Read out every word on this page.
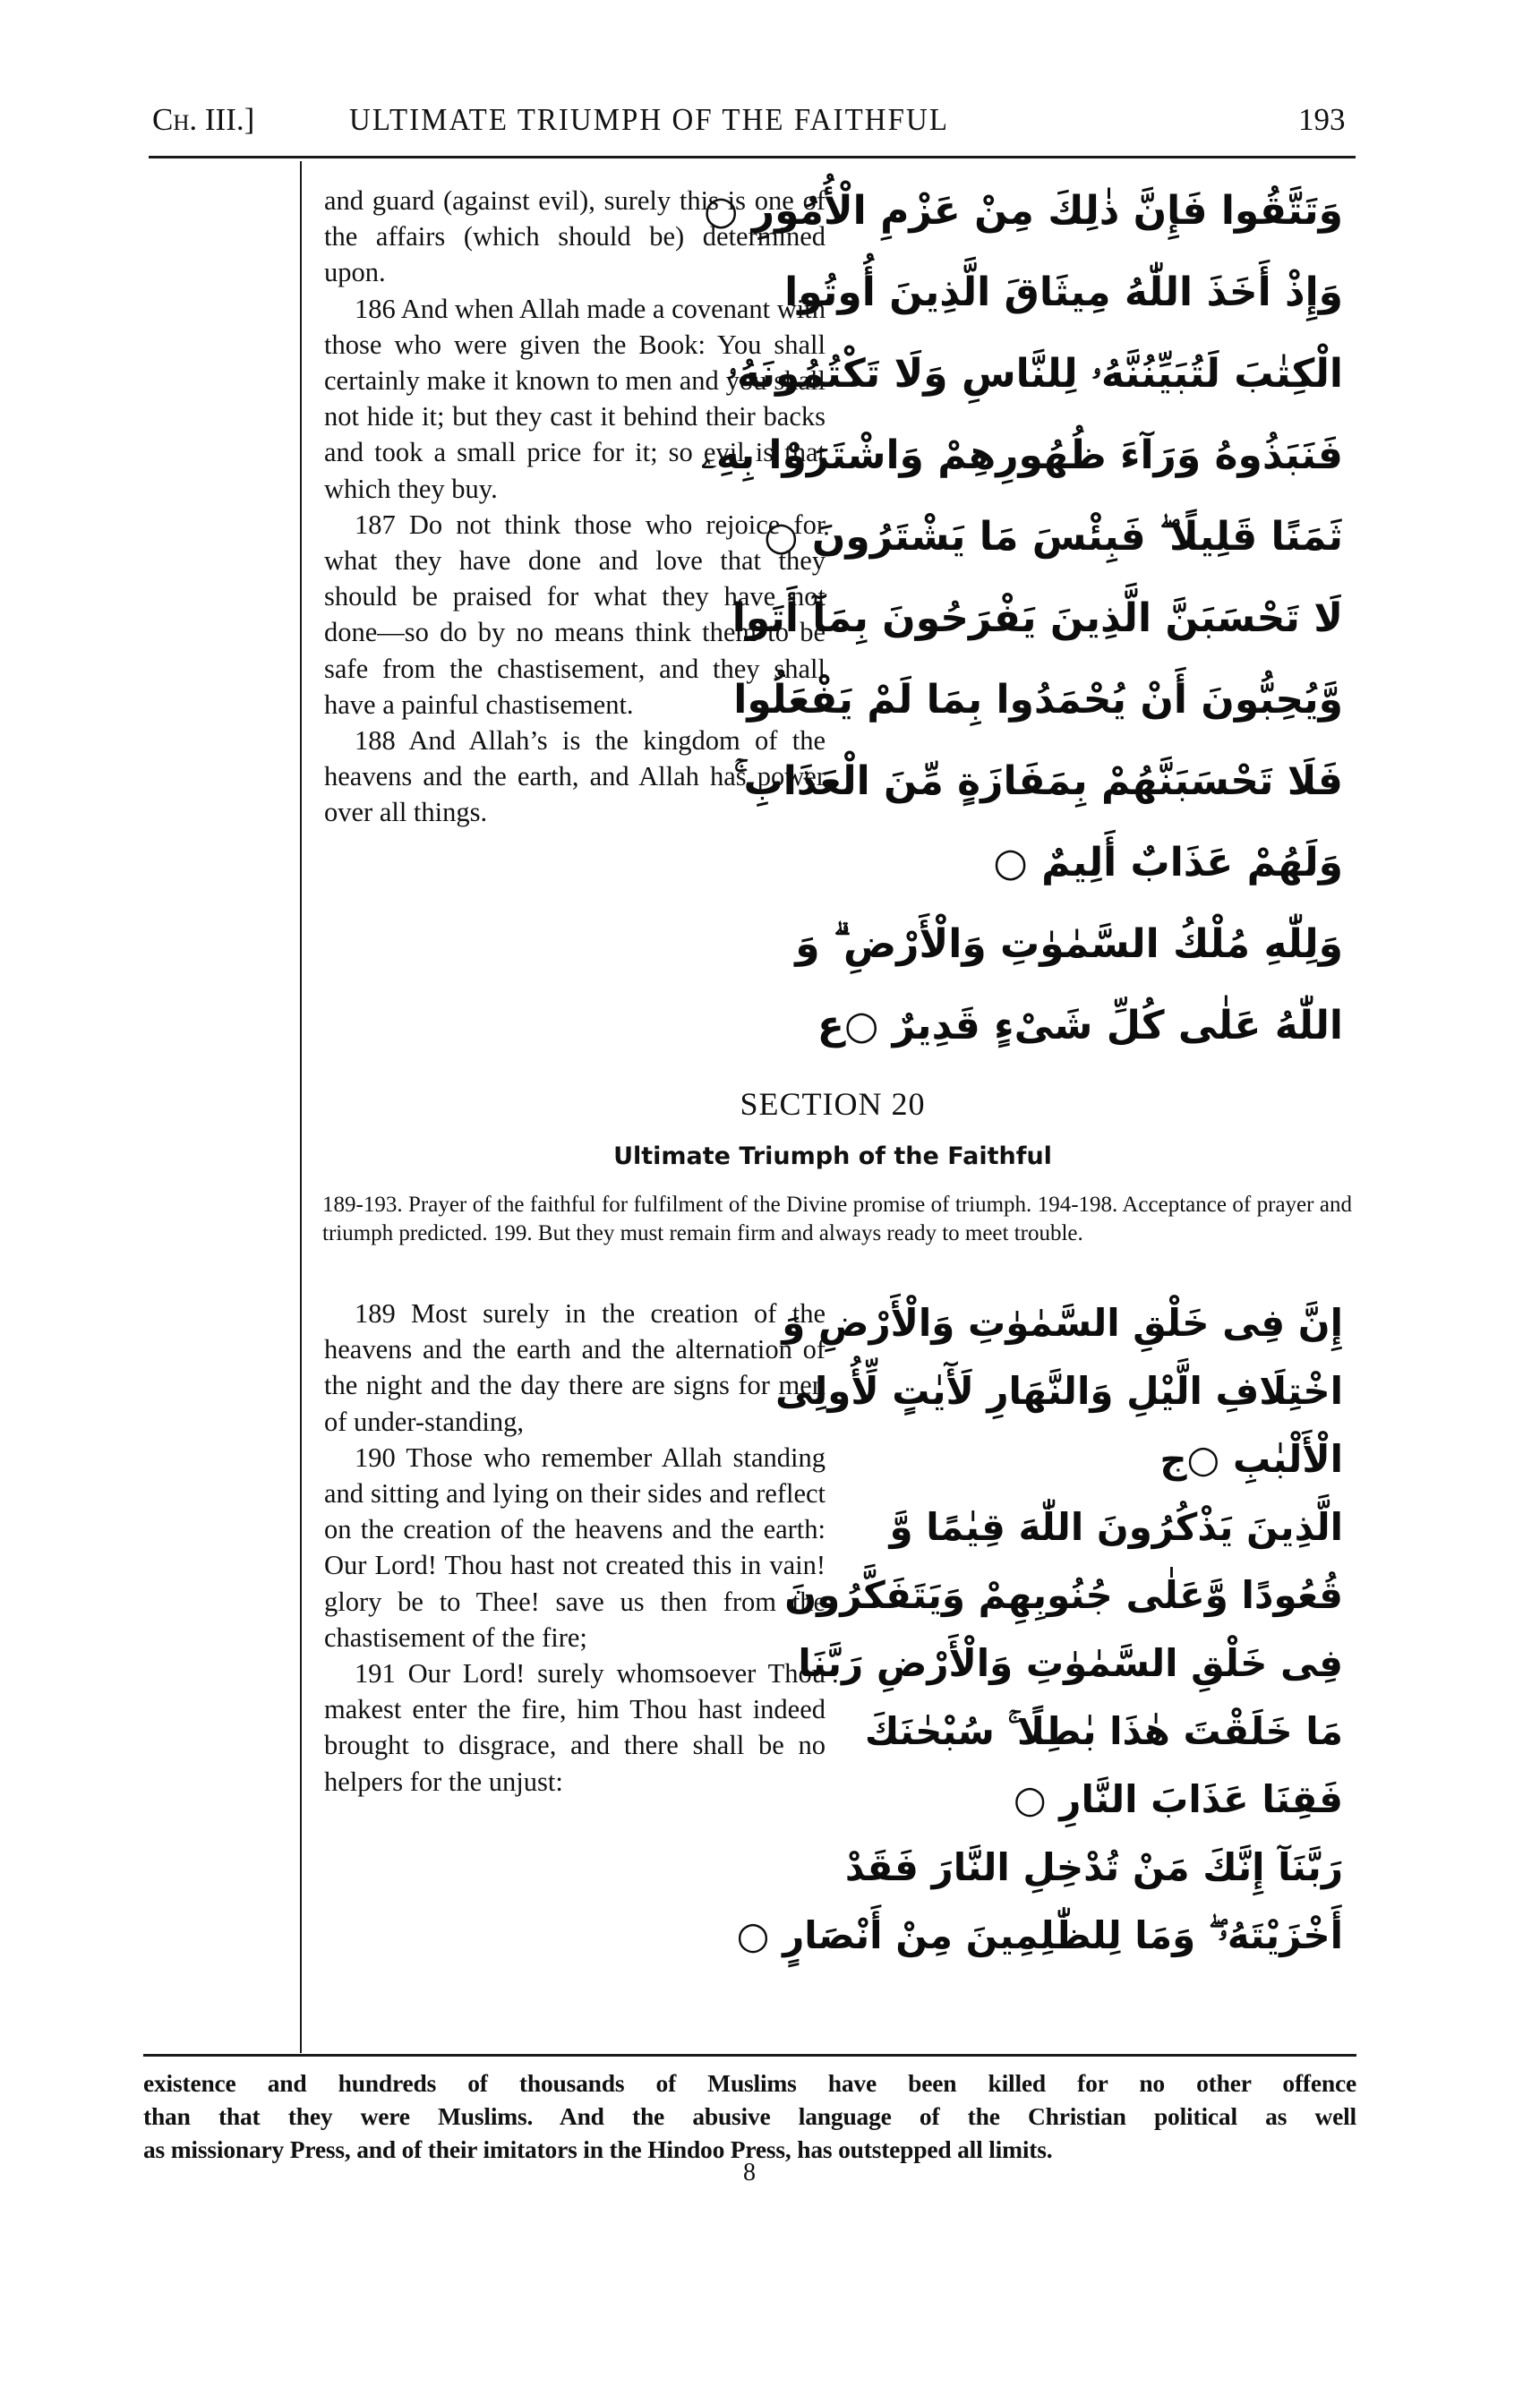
Ch. III.]	ULTIMATE TRIUMPH OF THE FAITHFUL	193

and guard (against evil), surely this is one of the affairs (which should be) determined upon.

186 And when Allah made a covenant with those who were given the Book: You shall certainly make it known to men and you shall not hide it; but they cast it behind their backs and took a small price for it; so evil is that which they buy.

187 Do not think those who rejoice for what they have done and love that they should be praised for what they have not done—so do by no means think them to be safe from the chastisement, and they shall have a painful chastisement.

188 And Allah’s is the kingdom of the heavens and the earth, and Allah has power over all things.

وَتَتَّقُوا فَإِنَّ ذٰلِكَ مِنْ عَزْمِ الْأُمُورِ ○
وَإِذْ أَخَذَ اللّٰهُ مِيثَاقَ الَّذِينَ أُوتُوا
الْكِتٰبَ لَتُبَيِّنُنَّهُۥ لِلنَّاسِ وَلَا تَكْتُمُونَهُۥ
فَنَبَذُوهُ وَرَآءَ ظُهُورِهِمْ وَاشْتَرَوْا بِهِۦ
ثَمَنًا قَلِيلًا ۖ فَبِئْسَ مَا يَشْتَرُونَ ○
لَا تَحْسَبَنَّ الَّذِينَ يَفْرَحُونَ بِمَآ أَتَوا
وَّيُحِبُّونَ أَنْ يُحْمَدُوا بِمَا لَمْ يَفْعَلُوا
فَلَا تَحْسَبَنَّهُمْ بِمَفَازَةٍ مِّنَ الْعَذَابِ ۚ
وَلَهُمْ عَذَابٌ أَلِيمٌ ○
وَلِلّٰهِ مُلْكُ السَّمٰوٰتِ وَالْأَرْضِ ۗ وَ
اللّٰهُ عَلٰى كُلِّ شَىْءٍ قَدِيرٌ ○ع
SECTION 20
Ultimate Triumph of the Faithful
189-193. Prayer of the faithful for fulfilment of the Divine promise of triumph. 194-198. Acceptance of prayer and triumph predicted. 199. But they must remain firm and always ready to meet trouble.

189 Most surely in the creation of the heavens and the earth and the alternation of the night and the day there are signs for men of under-standing,

190 Those who remember Allah standing and sitting and lying on their sides and reflect on the creation of the heavens and the earth: Our Lord! Thou hast not created this in vain! glory be to Thee! save us then from the chastisement of the fire;

191 Our Lord! surely whomsoever Thou makest enter the fire, him Thou hast indeed brought to disgrace, and there shall be no helpers for the unjust:

إِنَّ فِى خَلْقِ السَّمٰوٰتِ وَالْأَرْضِ وَ
اخْتِلَافِ الَّيْلِ وَالنَّهَارِ لَأٓيٰتٍ لِّأُولِى
الْأَلْبٰبِ ○ج
الَّذِينَ يَذْكُرُونَ اللّٰهَ قِيٰمًا وَّ
قُعُودًا وَّعَلٰى جُنُوبِهِمْ وَيَتَفَكَّرُونَ
فِى خَلْقِ السَّمٰوٰتِ وَالْأَرْضِ رَبَّنَا
مَا خَلَقْتَ هٰذَا بٰطِلًا ۚ سُبْحٰنَكَ
فَقِنَا عَذَابَ النَّارِ ○
رَبَّنَآ إِنَّكَ مَنْ تُدْخِلِ النَّارَ فَقَدْ
أَخْزَيْتَهُۥ ۖ وَمَا لِلظّٰلِمِينَ مِنْ أَنْصَارٍ ○
existence and hundreds of thousands of Muslims have been killed for no other offence
than that they were Muslims. And the abusive language of the Christian political as well
as missionary Press, and of their imitators in the Hindoo Press, has outstepped all limits.
8
